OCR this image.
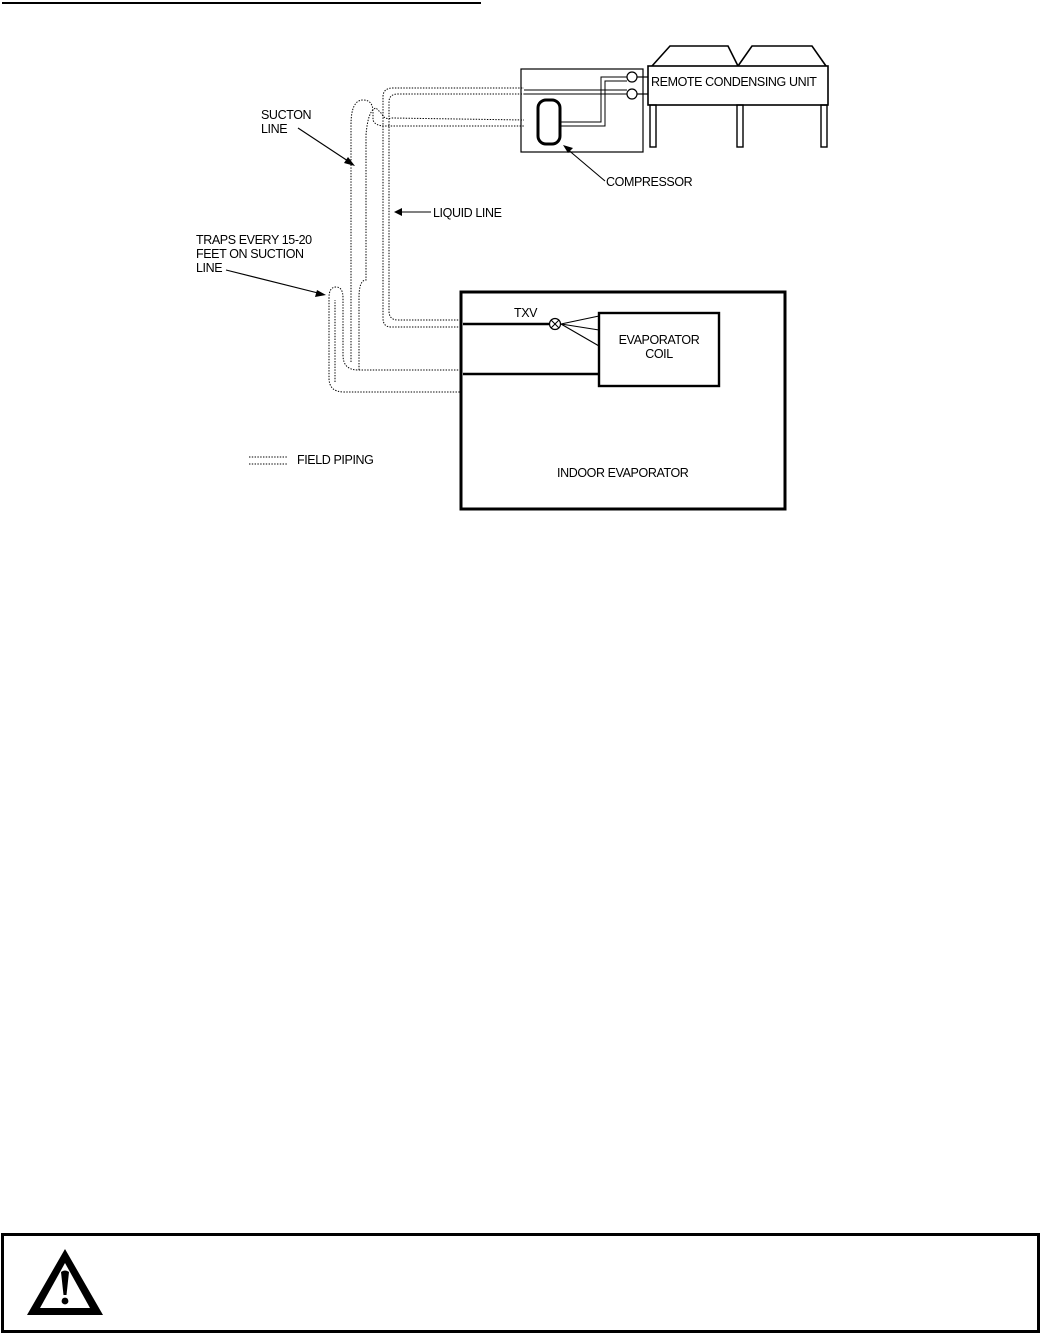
REMOTE CONDENSING UNIT
COMPRESSOR
SUCTON
LINE
LIQUID LINE
TRAPS EVERY 15-20
FEET ON SUCTION
LINE
FIELD PIPING
INDOOR EVAPORATOR
TXV
EVAPORATOR
COIL
